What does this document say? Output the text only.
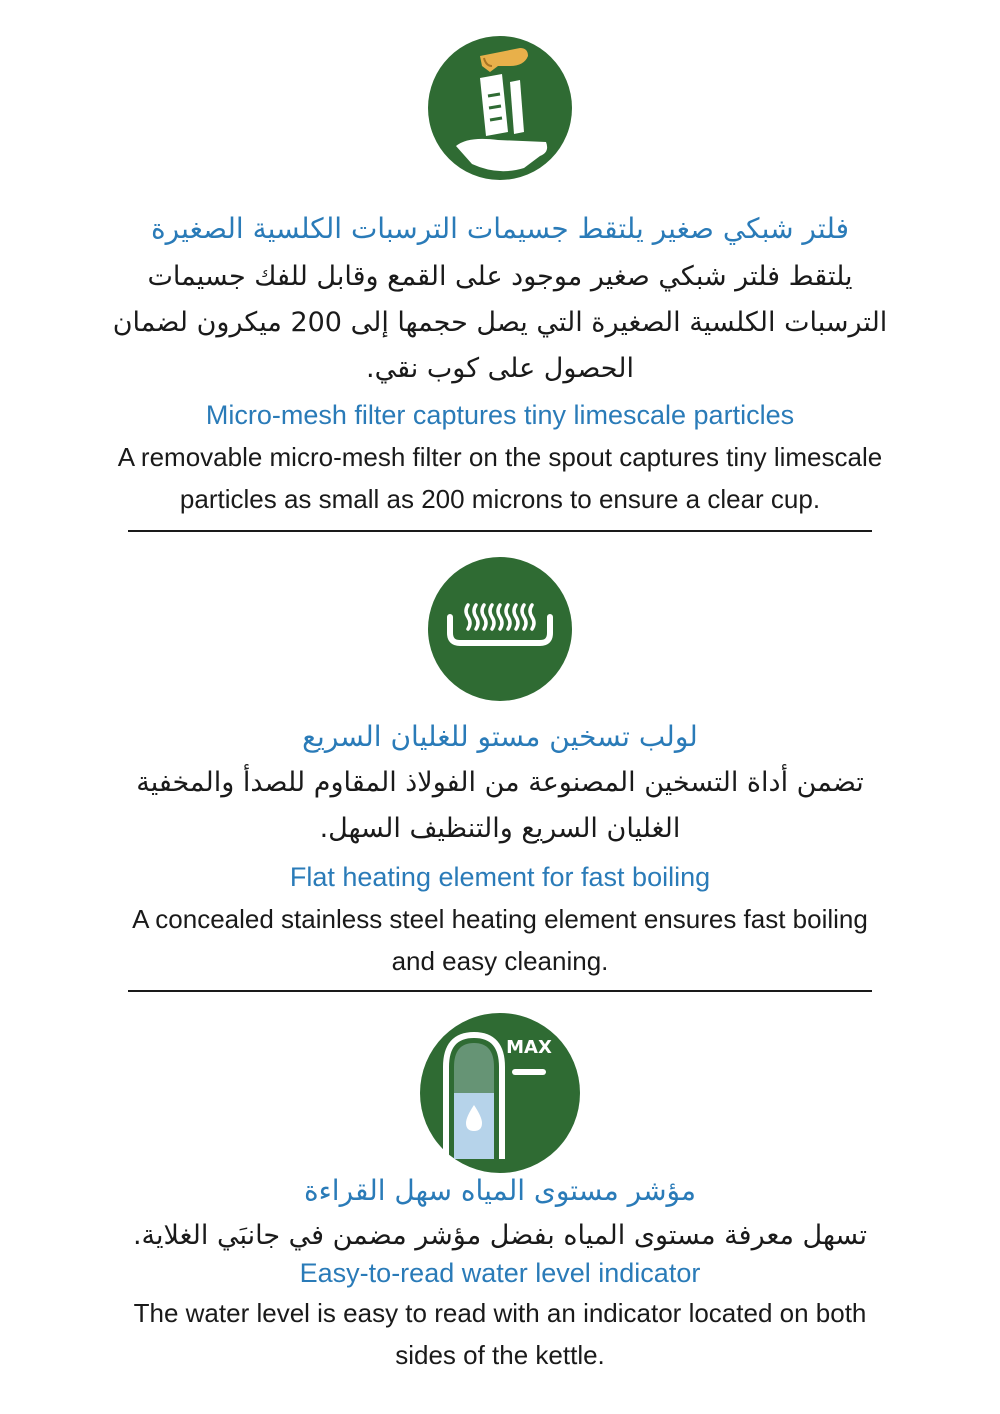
فلتر شبكي صغير يلتقط جسيمات الترسبات الكلسية الصغيرة
يلتقط فلتر شبكي صغير موجود على القمع وقابل للفك جسيمات الترسبات الكلسية الصغيرة التي يصل حجمها إلى 200 ميكرون لضمان الحصول على كوب نقي.
Micro-mesh filter captures tiny limescale particles
A removable micro-mesh filter on the spout captures tiny limescale particles as small as 200 microns to ensure a clear cup.
لولب تسخين مستو للغليان السريع
تضمن أداة التسخين المصنوعة من الفولاذ المقاوم للصدأ والمخفية الغليان السريع والتنظيف السهل.
Flat heating element for fast boiling
A concealed stainless steel heating element ensures fast boiling and easy cleaning.
MAX
مؤشر مستوى المياه سهل القراءة
تسهل معرفة مستوى المياه بفضل مؤشر مضمن في جانبَي الغلاية.
Easy-to-read water level indicator
The water level is easy to read with an indicator located on both sides of the kettle.
